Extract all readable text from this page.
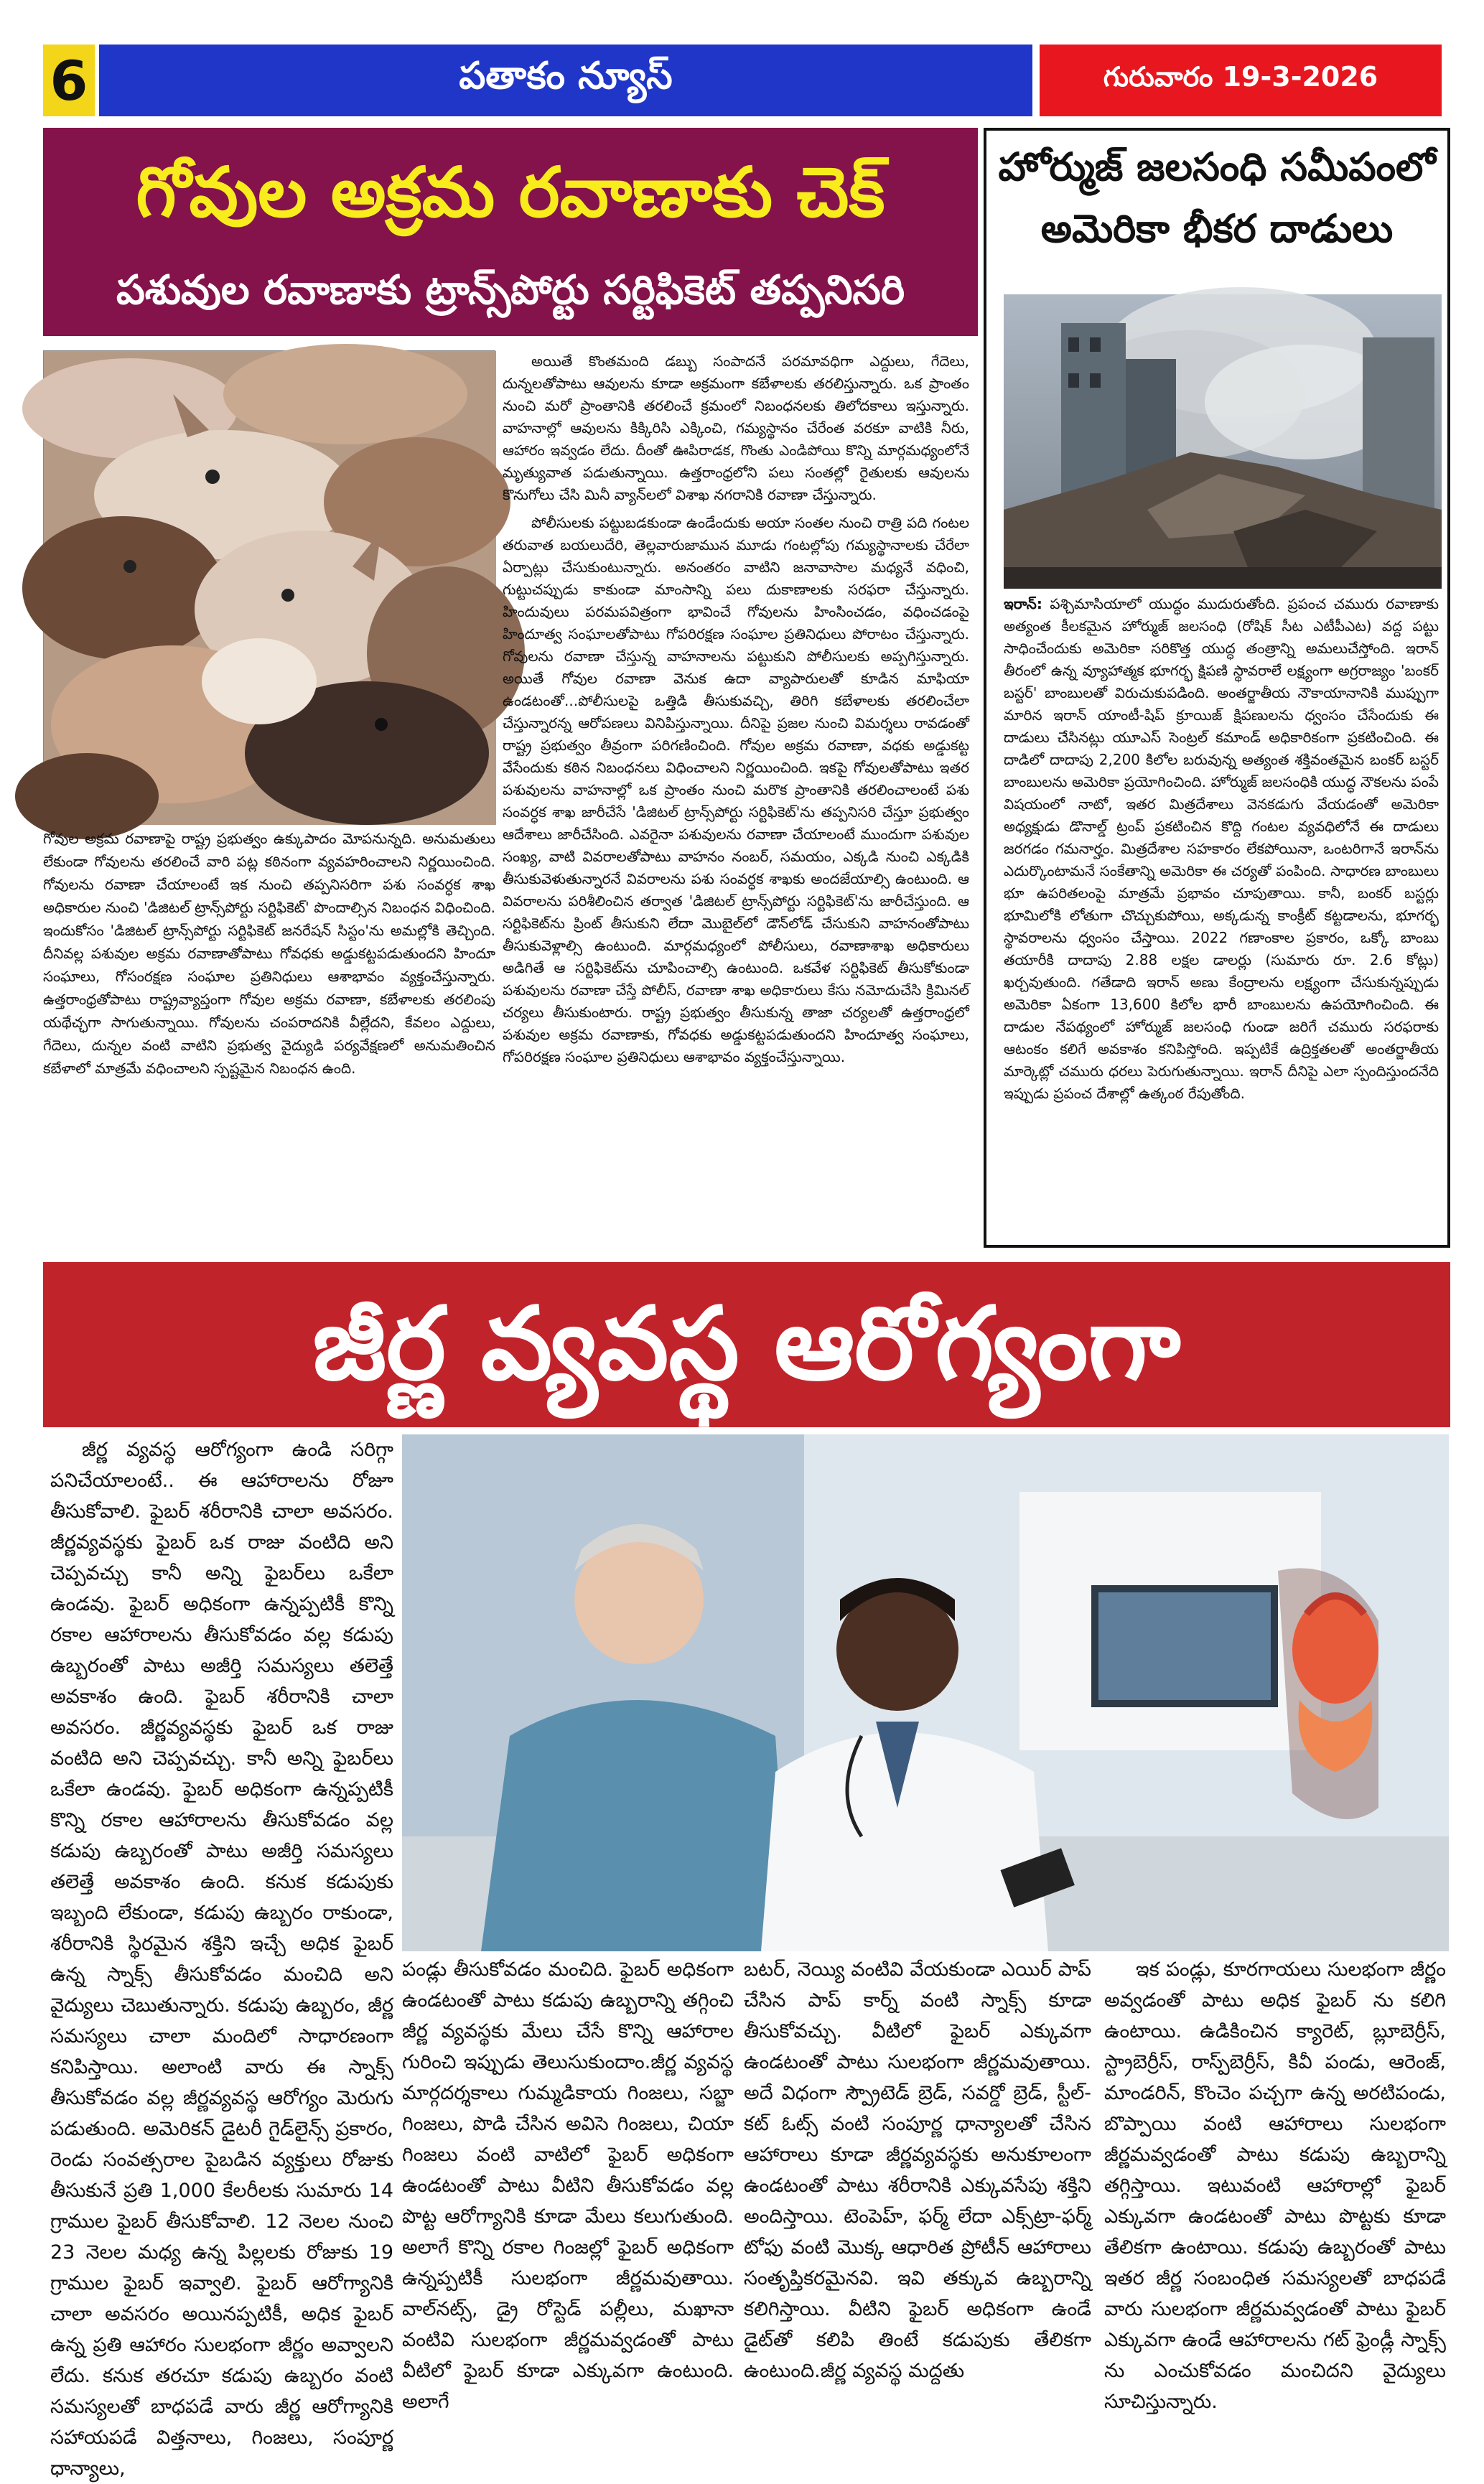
6	పతాకం న్యూస్	గురువారం 19-3-2026
గోవుల అక్రమ రవాణాకు చెక్
పశువుల రవాణాకు ట్రాన్స్‌పోర్టు సర్టిఫికెట్ తప్పనిసరి

గోవుల అక్రమ రవాణాపై రాష్ట్ర ప్రభుత్వం ఉక్కుపాదం మోపనున్నది. అనుమతులు లేకుండా గోవులను తరలించే వారి పట్ల కఠినంగా వ్యవహరించాలని నిర్ణయించింది. గోవులను రవాణా చేయాలంటే ఇక నుంచి తప్పనిసరిగా పశు సంవర్ధక శాఖ అధికారుల నుంచి 'డిజిటల్ ట్రాన్స్‌పోర్టు సర్టిఫికెట్' పొందాల్సిన నిబంధన విధించింది. ఇందుకోసం 'డిజిటల్ ట్రాన్స్‌పోర్టు సర్టిఫికెట్ జనరేషన్ సిస్టం'ను అమల్లోకి తెచ్చింది. దీనివల్ల పశువుల అక్రమ రవాణాతోపాటు గోవధకు అడ్డుకట్టపడుతుందని హిందూ సంఘాలు, గోసంరక్షణ సంఘాల ప్రతినిధులు ఆశాభావం వ్యక్తంచేస్తున్నారు. ఉత్తరాంధ్రతోపాటు రాష్ట్రవ్యాప్తంగా గోవుల అక్రమ రవాణా, కబేళాలకు తరలింపు యథేచ్ఛగా సాగుతున్నాయి. గోవులను చంపరాదనికి వీల్లేదని, కేవలం ఎద్దులు, గేదెలు, దున్నల వంటి వాటిని ప్రభుత్వ వైద్యుడి పర్యవేక్షణలో అనుమతించిన కబేళాలో మాత్రమే వధించాలని స్పష్టమైన నిబంధన ఉంది.

అయితే కొంతమంది డబ్బు సంపాదనే పరమావధిగా ఎద్దులు, గేదెలు, దున్నలతోపాటు ఆవులను కూడా అక్రమంగా కబేళాలకు తరలిస్తున్నారు. ఒక ప్రాంతం నుంచి మరో ప్రాంతానికి తరలించే క్రమంలో నిబంధనలకు తిలోదకాలు ఇస్తున్నారు. వాహనాల్లో ఆవులను కిక్కిరిసి ఎక్కించి, గమ్యస్థానం చేరేంత వరకూ వాటికి నీరు, ఆహారం ఇవ్వడం లేదు. దీంతో ఊపిరాడక, గొంతు ఎండిపోయి కొన్ని మార్గమధ్యంలోనే మృత్యువాత పడుతున్నాయి. ఉత్తరాంధ్రలోని పలు సంతల్లో రైతులకు ఆవులను కొనుగోలు చేసి మినీ వ్యాన్‌లలో విశాఖ నగరానికి రవాణా చేస్తున్నారు.

పోలీసులకు పట్టుబడకుండా ఉండేందుకు అయా సంతల నుంచి రాత్రి పది గంటల తరువాత బయలుదేరి, తెల్లవారుజామున మూడు గంటల్లోపు గమ్యస్థానాలకు చేరేలా ఏర్పాట్లు చేసుకుంటున్నారు. అనంతరం వాటిని జనావాసాల మధ్యనే వధించి, గుట్టుచప్పుడు కాకుండా మాంసాన్ని పలు దుకాణాలకు సరఫరా చేస్తున్నారు. హిందువులు పరమపవిత్రంగా భావించే గోవులను హింసించడం, వధించడంపై హిందూత్వ సంఘాలతోపాటు గోపరిరక్షణ సంఘాల ప్రతినిధులు పోరాటం చేస్తున్నారు. గోవులను రవాణా చేస్తున్న వాహనాలను పట్టుకుని పోలీసులకు అప్పగిస్తున్నారు. అయితే గోవుల రవాణా వెనుక ఉదా వ్యాపారులతో కూడిన మాఫియా ఉండటంతో...పోలీసులపై ఒత్తిడి తీసుకువచ్చి, తిరిగి కబేళాలకు తరలించేలా చేస్తున్నారన్న ఆరోపణలు వినిపిస్తున్నాయి. దీనిపై ప్రజల నుంచి విమర్శలు రావడంతో రాష్ట్ర ప్రభుత్వం తీవ్రంగా పరిగణించింది. గోవుల అక్రమ రవాణా, వధకు అడ్డుకట్ట వేసేందుకు కఠిన నిబంధనలు విధించాలని నిర్ణయించింది. ఇకపై గోవులతోపాటు ఇతర పశువులను వాహనాల్లో ఒక ప్రాంతం నుంచి మరొక ప్రాంతానికి తరలించాలంటే పశు సంవర్ధక శాఖ జారీచేసే 'డిజిటల్ ట్రాన్స్‌పోర్టు సర్టిఫికెట్'ను తప్పనిసరి చేస్తూ ప్రభుత్వం ఆదేశాలు జారీచేసింది. ఎవరైనా పశువులను రవాణా చేయాలంటే ముందుగా పశువుల సంఖ్య, వాటి వివరాలతోపాటు వాహనం నంబర్, సమయం, ఎక్కడి నుంచి ఎక్కడికి తీసుకువెళుతున్నారనే వివరాలను పశు సంవర్ధక శాఖకు అందజేయాల్సి ఉంటుంది. ఆ వివరాలను పరిశీలించిన తర్వాత 'డిజిటల్ ట్రాన్స్‌పోర్టు సర్టిఫికెట్'ను జారీచేస్తుంది. ఆ సర్టిఫికెట్‌ను ప్రింట్ తీసుకుని లేదా మొబైల్‌లో డౌన్‌లోడ్ చేసుకుని వాహనంతోపాటు తీసుకువెళ్లాల్సి ఉంటుంది. మార్గమధ్యంలో పోలీసులు, రవాణాశాఖ అధికారులు అడిగితే ఆ సర్టిఫికెట్‌ను చూపించాల్సి ఉంటుంది. ఒకవేళ సర్టిఫికెట్ తీసుకోకుండా పశువులను రవాణా చేస్తే పోలీస్, రవాణా శాఖ అధికారులు కేసు నమోదుచేసి క్రిమినల్ చర్యలు తీసుకుంటారు. రాష్ట్ర ప్రభుత్వం తీసుకున్న తాజా చర్యలతో ఉత్తరాంధ్రలో పశువుల అక్రమ రవాణాకు, గోవధకు అడ్డుకట్టపడుతుందని హిందూత్వ సంఘాలు, గోపరిరక్షణ సంఘాల ప్రతినిధులు ఆశాభావం వ్యక్తంచేస్తున్నాయి.

హోర్ముజ్ జలసంధి సమీపంలో అమెరికా భీకర దాడులు

ఇరాన్: పశ్చిమాసియాలో యుద్ధం ముదురుతోంది. ప్రపంచ చమురు రవాణాకు అత్యంత కీలకమైన హోర్ముజ్ జలసంధి (రోషిక్ సీట ఎటీపీఎట) వద్ద పట్టు సాధించేందుకు అమెరికా సరికొత్త యుద్ధ తంత్రాన్ని అమలుచేస్తోంది. ఇరాన్ తీరంలో ఉన్న వ్యూహాత్మక భూగర్భ క్షిపణి స్థావరాలే లక్ష్యంగా అగ్రరాజ్యం 'బంకర్ బస్టర్' బాంబులతో విరుచుకుపడింది. అంతర్జాతీయ నౌకాయానానికి ముప్పుగా మారిన ఇరాన్ యాంటీ-షిప్ క్రూయిజ్ క్షిపణులను ధ్వంసం చేసేందుకు ఈ దాడులు చేసినట్లు యూఎస్ సెంట్రల్ కమాండ్ అధికారికంగా ప్రకటించింది. ఈ దాడిలో దాదాపు 2,200 కిలోల బరువున్న అత్యంత శక్తివంతమైన బంకర్ బస్టర్ బాంబులను అమెరికా ప్రయోగించింది. హోర్ముజ్ జలసంధికి యుద్ధ నౌకలను పంపే విషయంలో నాటో, ఇతర మిత్రదేశాలు వెనకడుగు వేయడంతో అమెరికా అధ్యక్షుడు డొనాల్డ్ ట్రంప్ ప్రకటించిన కొద్ది గంటల వ్యవధిలోనే ఈ దాడులు జరగడం గమనార్హం. మిత్రదేశాల సహకారం లేకపోయినా, ఒంటరిగానే ఇరాన్‌ను ఎదుర్కొంటామనే సంకేతాన్ని అమెరికా ఈ చర్యతో పంపింది. సాధారణ బాంబులు భూ ఉపరితలంపై మాత్రమే ప్రభావం చూపుతాయి. కానీ, బంకర్ బస్టర్లు భూమిలోకి లోతుగా చొచ్చుకుపోయి, అక్కడున్న కాంక్రీట్ కట్టడాలను, భూగర్భ స్థావరాలను ధ్వంసం చేస్తాయి. 2022 గణాంకాల ప్రకారం, ఒక్కో బాంబు తయారీకి దాదాపు 2.88 లక్షల డాలర్లు (సుమారు రూ. 2.6 కోట్లు) ఖర్చవుతుంది. గతేడాది ఇరాన్ అణు కేంద్రాలను లక్ష్యంగా చేసుకున్నప్పుడు అమెరికా ఏకంగా 13,600 కిలోల భారీ బాంబులను ఉపయోగించింది. ఈ దాడుల నేపథ్యంలో హోర్ముజ్ జలసంధి గుండా జరిగే చమురు సరఫరాకు ఆటంకం కలిగే అవకాశం కనిపిస్తోంది. ఇప్పటికే ఉద్రిక్తతలతో అంతర్జాతీయ మార్కెట్లో చమురు ధరలు పెరుగుతున్నాయి. ఇరాన్ దీనిపై ఎలా స్పందిస్తుందనేది ఇప్పుడు ప్రపంచ దేశాల్లో ఉత్కంఠ రేపుతోంది.

జీర్ణ వ్యవస్థ ఆరోగ్యంగా

జీర్ణ వ్యవస్థ ఆరోగ్యంగా ఉండి సరిగ్గా పనిచేయాలంటే.. ఈ ఆహారాలను రోజూ తీసుకోవాలి. ఫైబర్ శరీరానికి చాలా అవసరం. జీర్ణవ్యవస్థకు ఫైబర్ ఒక రాజు వంటిది అని చెప్పవచ్చు కానీ అన్ని ఫైబర్‌లు ఒకేలా ఉండవు. ఫైబర్ అధికంగా ఉన్నప్పటికీ కొన్ని రకాల ఆహారాలను తీసుకోవడం వల్ల కడుపు ఉబ్బరంతో పాటు అజీర్తి సమస్యలు తలెత్తే అవకాశం ఉంది. ఫైబర్ శరీరానికి చాలా అవసరం. జీర్ణవ్యవస్థకు ఫైబర్ ఒక రాజు వంటిది అని చెప్పవచ్చు. కానీ అన్ని ఫైబర్‌లు ఒకేలా ఉండవు. ఫైబర్ అధికంగా ఉన్నప్పటికీ కొన్ని రకాల ఆహారాలను తీసుకోవడం వల్ల కడుపు ఉబ్బరంతో పాటు అజీర్తి సమస్యలు తలెత్తే అవకాశం ఉంది. కనుక కడుపుకు ఇబ్బంది లేకుండా, కడుపు ఉబ్బరం రాకుండా, శరీరానికి స్థిరమైన శక్తిని ఇచ్చే అధిక ఫైబర్ ఉన్న స్నాక్స్ తీసుకోవడం మంచిది అని వైద్యులు చెబుతున్నారు. కడుపు ఉబ్బరం, జీర్ణ సమస్యలు చాలా మందిలో సాధారణంగా కనిపిస్తాయి. అలాంటి వారు ఈ స్నాక్స్ తీసుకోవడం వల్ల జీర్ణవ్యవస్థ ఆరోగ్యం మెరుగు పడుతుంది. అమెరికన్ డైటరీ గైడ్‌లైన్స్ ప్రకారం, రెండు సంవత్సరాల పైబడిన వ్యక్తులు రోజుకు తీసుకునే ప్రతి 1,000 కేలరీలకు సుమారు 14 గ్రాముల ఫైబర్ తీసుకోవాలి. 12 నెలల నుంచి 23 నెలల మధ్య ఉన్న పిల్లలకు రోజుకు 19 గ్రాముల ఫైబర్ ఇవ్వాలి. ఫైబర్ ఆరోగ్యానికి చాలా అవసరం అయినప్పటికీ, అధిక ఫైబర్ ఉన్న ప్రతి ఆహారం సులభంగా జీర్ణం అవ్వాలని లేదు. కనుక తరచూ కడుపు ఉబ్బరం వంటి సమస్యలతో బాధపడే వారు జీర్ణ ఆరోగ్యానికి సహాయపడే విత్తనాలు, గింజలు, సంపూర్ణ ధాన్యాలు,

పండ్లు తీసుకోవడం మంచిది. ఫైబర్ అధికంగా ఉండటంతో పాటు కడుపు ఉబ్బరాన్ని తగ్గించి జీర్ణ వ్యవస్థకు మేలు చేసే కొన్ని ఆహారాల గురించి ఇప్పుడు తెలుసుకుందాం.జీర్ణ వ్యవస్థ మార్గదర్శకాలు గుమ్మడికాయ గింజలు, సబ్జా గింజలు, పొడి చేసిన అవిసె గింజలు, చియా గింజలు వంటి వాటిలో ఫైబర్ అధికంగా ఉండటంతో పాటు వీటిని తీసుకోవడం వల్ల పొట్ట ఆరోగ్యానికి కూడా మేలు కలుగుతుంది. అలాగే కొన్ని రకాల గింజల్లో ఫైబర్ అధికంగా ఉన్నప్పటికీ సులభంగా జీర్ణమవుతాయి. వాల్‌నట్స్, డ్రై రోస్టెడ్ పల్లీలు, మఖానా వంటివి సులభంగా జీర్ణమవ్వడంతో పాటు వీటిలో ఫైబర్ కూడా ఎక్కువగా ఉంటుంది. అలాగే

బటర్, నెయ్యి వంటివి వేయకుండా ఎయిర్ పాప్ చేసిన పాప్ కార్న్ వంటి స్నాక్స్ కూడా తీసుకోవచ్చు. వీటిలో ఫైబర్ ఎక్కువగా ఉండటంతో పాటు సులభంగా జీర్ణమవుతాయి. అదే విధంగా స్ప్రౌటెడ్ బ్రెడ్, సవర్డో బ్రెడ్, స్టీల్-కట్ ఓట్స్ వంటి సంపూర్ణ ధాన్యాలతో చేసిన ఆహారాలు కూడా జీర్ణవ్యవస్థకు అనుకూలంగా ఉండటంతో పాటు శరీరానికి ఎక్కువసేపు శక్తిని అందిస్తాయి. టెంపెహ్, ఫర్మ్ లేదా ఎక్స్‌ట్రా-ఫర్మ్ టోఫు వంటి మొక్క ఆధారిత ప్రోటీన్ ఆహారాలు సంతృప్తికరమైనవి. ఇవి తక్కువ ఉబ్బరాన్ని కలిగిస్తాయి. వీటిని ఫైబర్ అధికంగా ఉండే డైట్‌తో కలిపి తింటే కడుపుకు తేలికగా ఉంటుంది.జీర్ణ వ్యవస్థ మద్దతు

ఇక పండ్లు, కూరగాయలు సులభంగా జీర్ణం అవ్వడంతో పాటు అధిక ఫైబర్ ను కలిగి ఉంటాయి. ఉడికించిన క్యారెట్, బ్లూబెర్రీస్, స్ట్రాబెర్రీస్, రాస్ప్‌బెర్రీస్, కివీ పండు, ఆరెంజ్, మాండరిన్, కొంచెం పచ్చగా ఉన్న అరటిపండు, బొప్పాయి వంటి ఆహారాలు సులభంగా జీర్ణమవ్వడంతో పాటు కడుపు ఉబ్బరాన్ని తగ్గిస్తాయి. ఇటువంటి ఆహారాల్లో ఫైబర్ ఎక్కువగా ఉండటంతో పాటు పొట్టకు కూడా తేలికగా ఉంటాయి. కడుపు ఉబ్బరంతో పాటు ఇతర జీర్ణ సంబంధిత సమస్యలతో బాధపడే వారు సులభంగా జీర్ణమవ్వడంతో పాటు ఫైబర్ ఎక్కువగా ఉండే ఆహారాలను గట్ ఫ్రెండ్లీ స్నాక్స్ ను ఎంచుకోవడం మంచిదని వైద్యులు సూచిస్తున్నారు.
